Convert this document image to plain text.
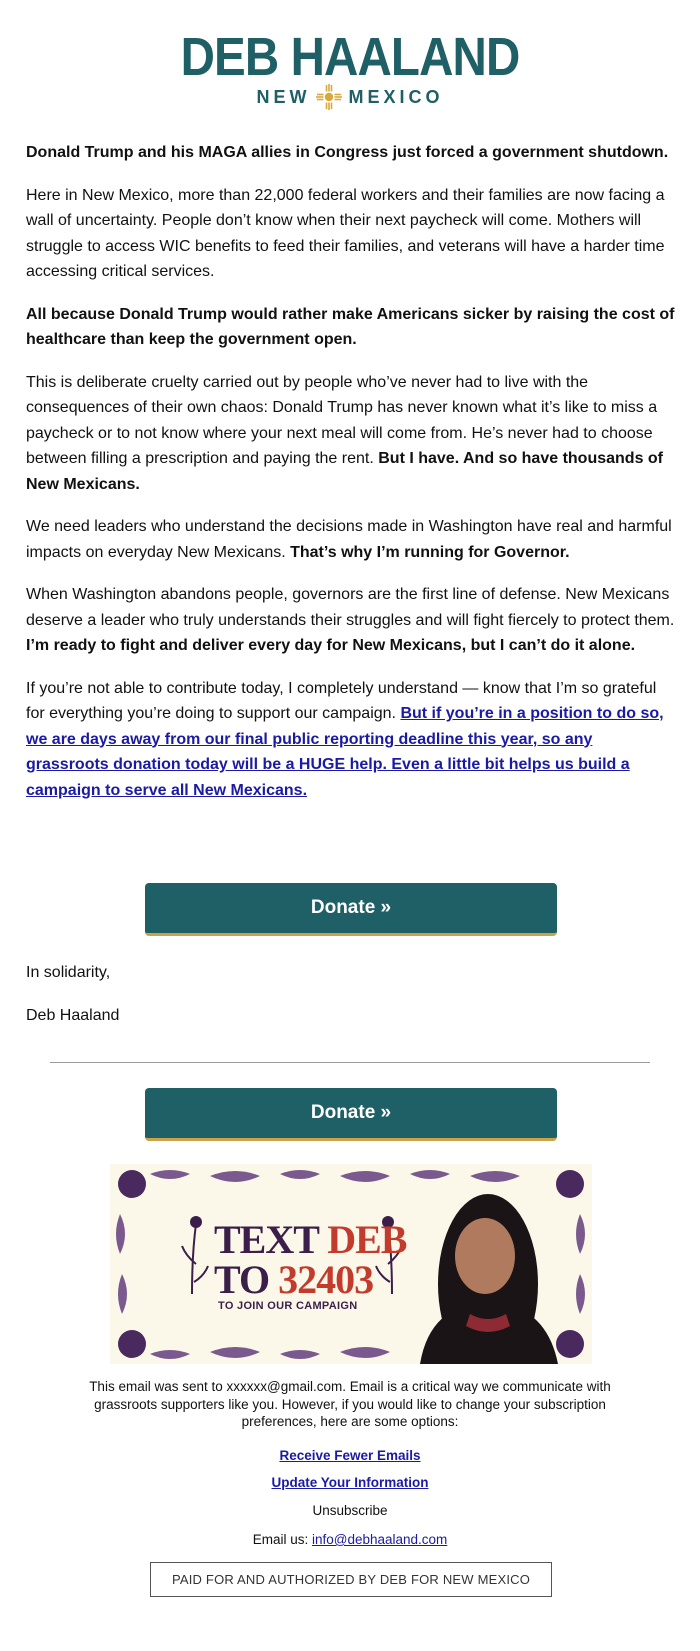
DEB HAALAND
NEW MEXICO

Donald Trump and his MAGA allies in Congress just forced a government shutdown.

Here in New Mexico, more than 22,000 federal workers and their families are now facing a wall of uncertainty. People don’t know when their next paycheck will come. Mothers will struggle to access WIC benefits to feed their families, and veterans will have a harder time accessing critical services.

All because Donald Trump would rather make Americans sicker by raising the cost of healthcare than keep the government open.

This is deliberate cruelty carried out by people who’ve never had to live with the consequences of their own chaos: Donald Trump has never known what it’s like to miss a paycheck or to not know where your next meal will come from. He’s never had to choose between filling a prescription and paying the rent. But I have. And so have thousands of New Mexicans.

We need leaders who understand the decisions made in Washington have real and harmful impacts on everyday New Mexicans. That’s why I’m running for Governor.

When Washington abandons people, governors are the first line of defense. New Mexicans deserve a leader who truly understands their struggles and will fight fiercely to protect them. I’m ready to fight and deliver every day for New Mexicans, but I can’t do it alone.

If you’re not able to contribute today, I completely understand — know that I’m so grateful for everything you’re doing to support our campaign. But if you’re in a position to do so, we are days away from our final public reporting deadline this year, so any grassroots donation today will be a HUGE help. Even a little bit helps us build a campaign to serve all New Mexicans.

Donate »
In solidarity,
Deb Haaland
Donate »
TEXT DEB
TO 32403
TO JOIN OUR CAMPAIGN
This email was sent to xxxxxx@gmail.com. Email is a critical way we communicate with grassroots supporters like you. However, if you would like to change your subscription preferences, here are some options:
Receive Fewer Emails
Update Your Information
Unsubscribe
Email us: info@debhaaland.com
PAID FOR AND AUTHORIZED BY DEB FOR NEW MEXICO
